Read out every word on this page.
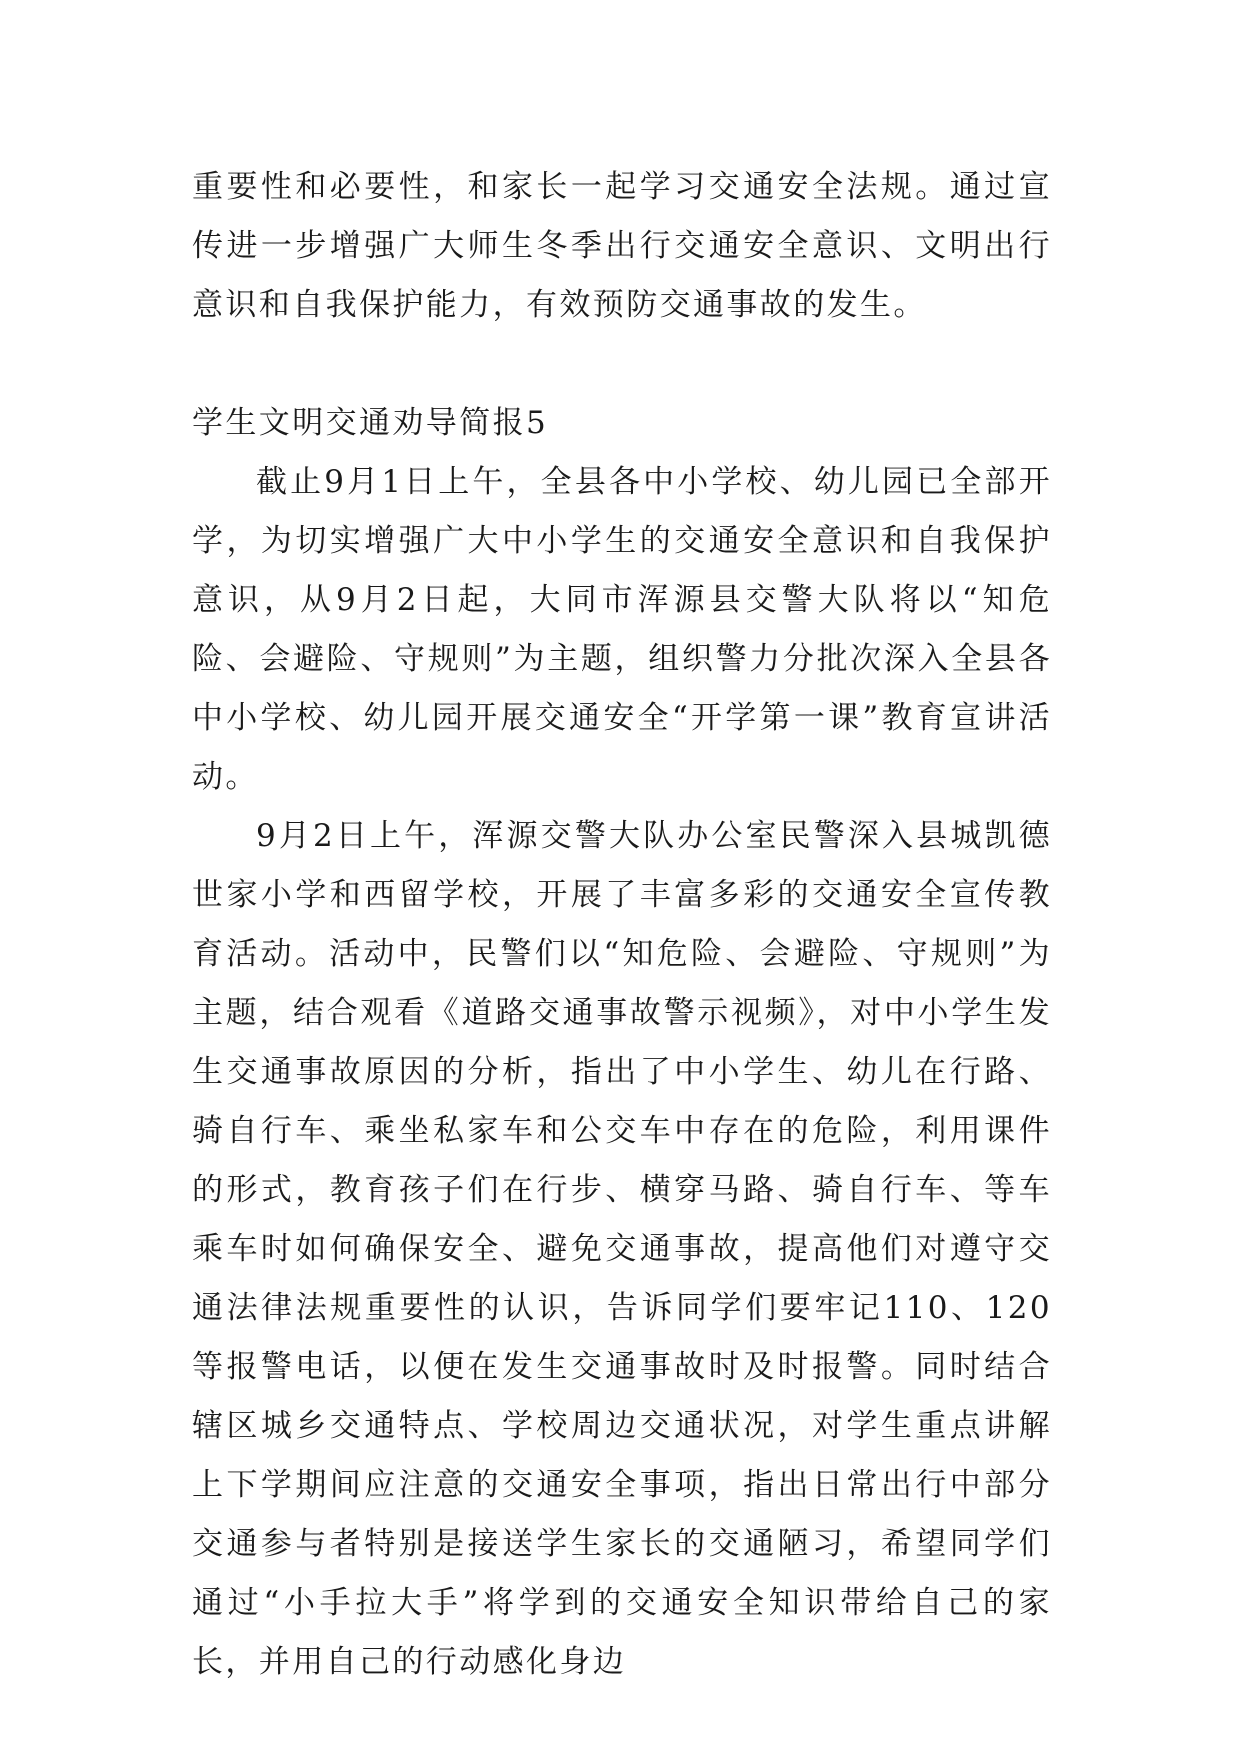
重要性和必要性，和家长一起学习交通安全法规。通过宣传进一步增强广大师生冬季出行交通安全意识、文明出行意识和自我保护能力，有效预防交通事故的发生。

学生文明交通劝导简报5

截止9月1日上午，全县各中小学校、幼儿园已全部开学，为切实增强广大中小学生的交通安全意识和自我保护意识，从9月2日起，大同市浑源县交警大队将以“知危险、会避险、守规则”为主题，组织警力分批次深入全县各中小学校、幼儿园开展交通安全“开学第一课”教育宣讲活动。

9月2日上午，浑源交警大队办公室民警深入县城凯德世家小学和西留学校，开展了丰富多彩的交通安全宣传教育活动。活动中，民警们以“知危险、会避险、守规则”为主题，结合观看《道路交通事故警示视频》，对中小学生发生交通事故原因的分析，指出了中小学生、幼儿在行路、骑自行车、乘坐私家车和公交车中存在的危险，利用课件的形式，教育孩子们在行步、横穿马路、骑自行车、等车乘车时如何确保安全、避免交通事故，提高他们对遵守交通法律法规重要性的认识，告诉同学们要牢记110、120等报警电话，以便在发生交通事故时及时报警。同时结合辖区城乡交通特点、学校周边交通状况，对学生重点讲解上下学期间应注意的交通安全事项，指出日常出行中部分交通参与者特别是接送学生家长的交通陋习，希望同学们通过“小手拉大手”将学到的交通安全知识带给自己的家长，并用自己的行动感化身边
